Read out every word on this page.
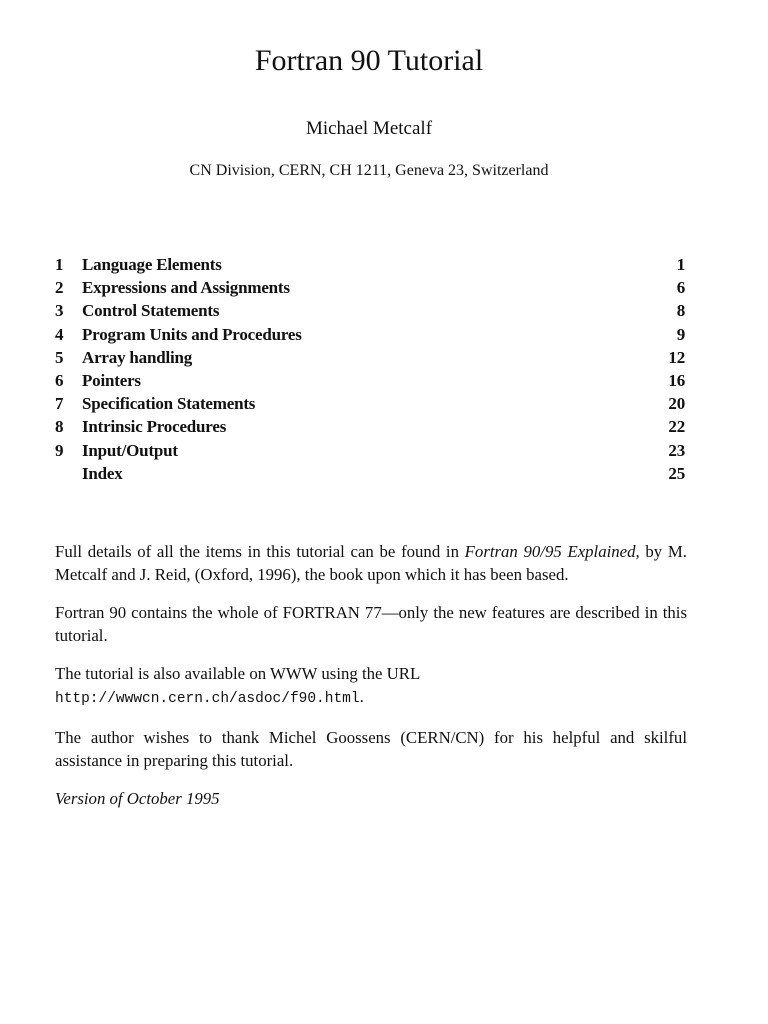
Fortran 90 Tutorial
Michael Metcalf
CN Division, CERN, CH 1211, Geneva 23, Switzerland
1	Language Elements	1
2	Expressions and Assignments	6
3	Control Statements	8
4	Program Units and Procedures	9
5	Array handling	12
6	Pointers	16
7	Specification Statements	20
8	Intrinsic Procedures	22
9	Input/Output	23
Index	25

Full details of all the items in this tutorial can be found in Fortran 90/95 Explained, by M. Metcalf and J. Reid, (Oxford, 1996), the book upon which it has been based.

Fortran 90 contains the whole of FORTRAN 77—only the new features are described in this tutorial.

The tutorial is also available on WWW using the URL
http://wwwcn.cern.ch/asdoc/f90.html.

The author wishes to thank Michel Goossens (CERN/CN) for his helpful and skilful assistance in preparing this tutorial.

Version of October 1995
